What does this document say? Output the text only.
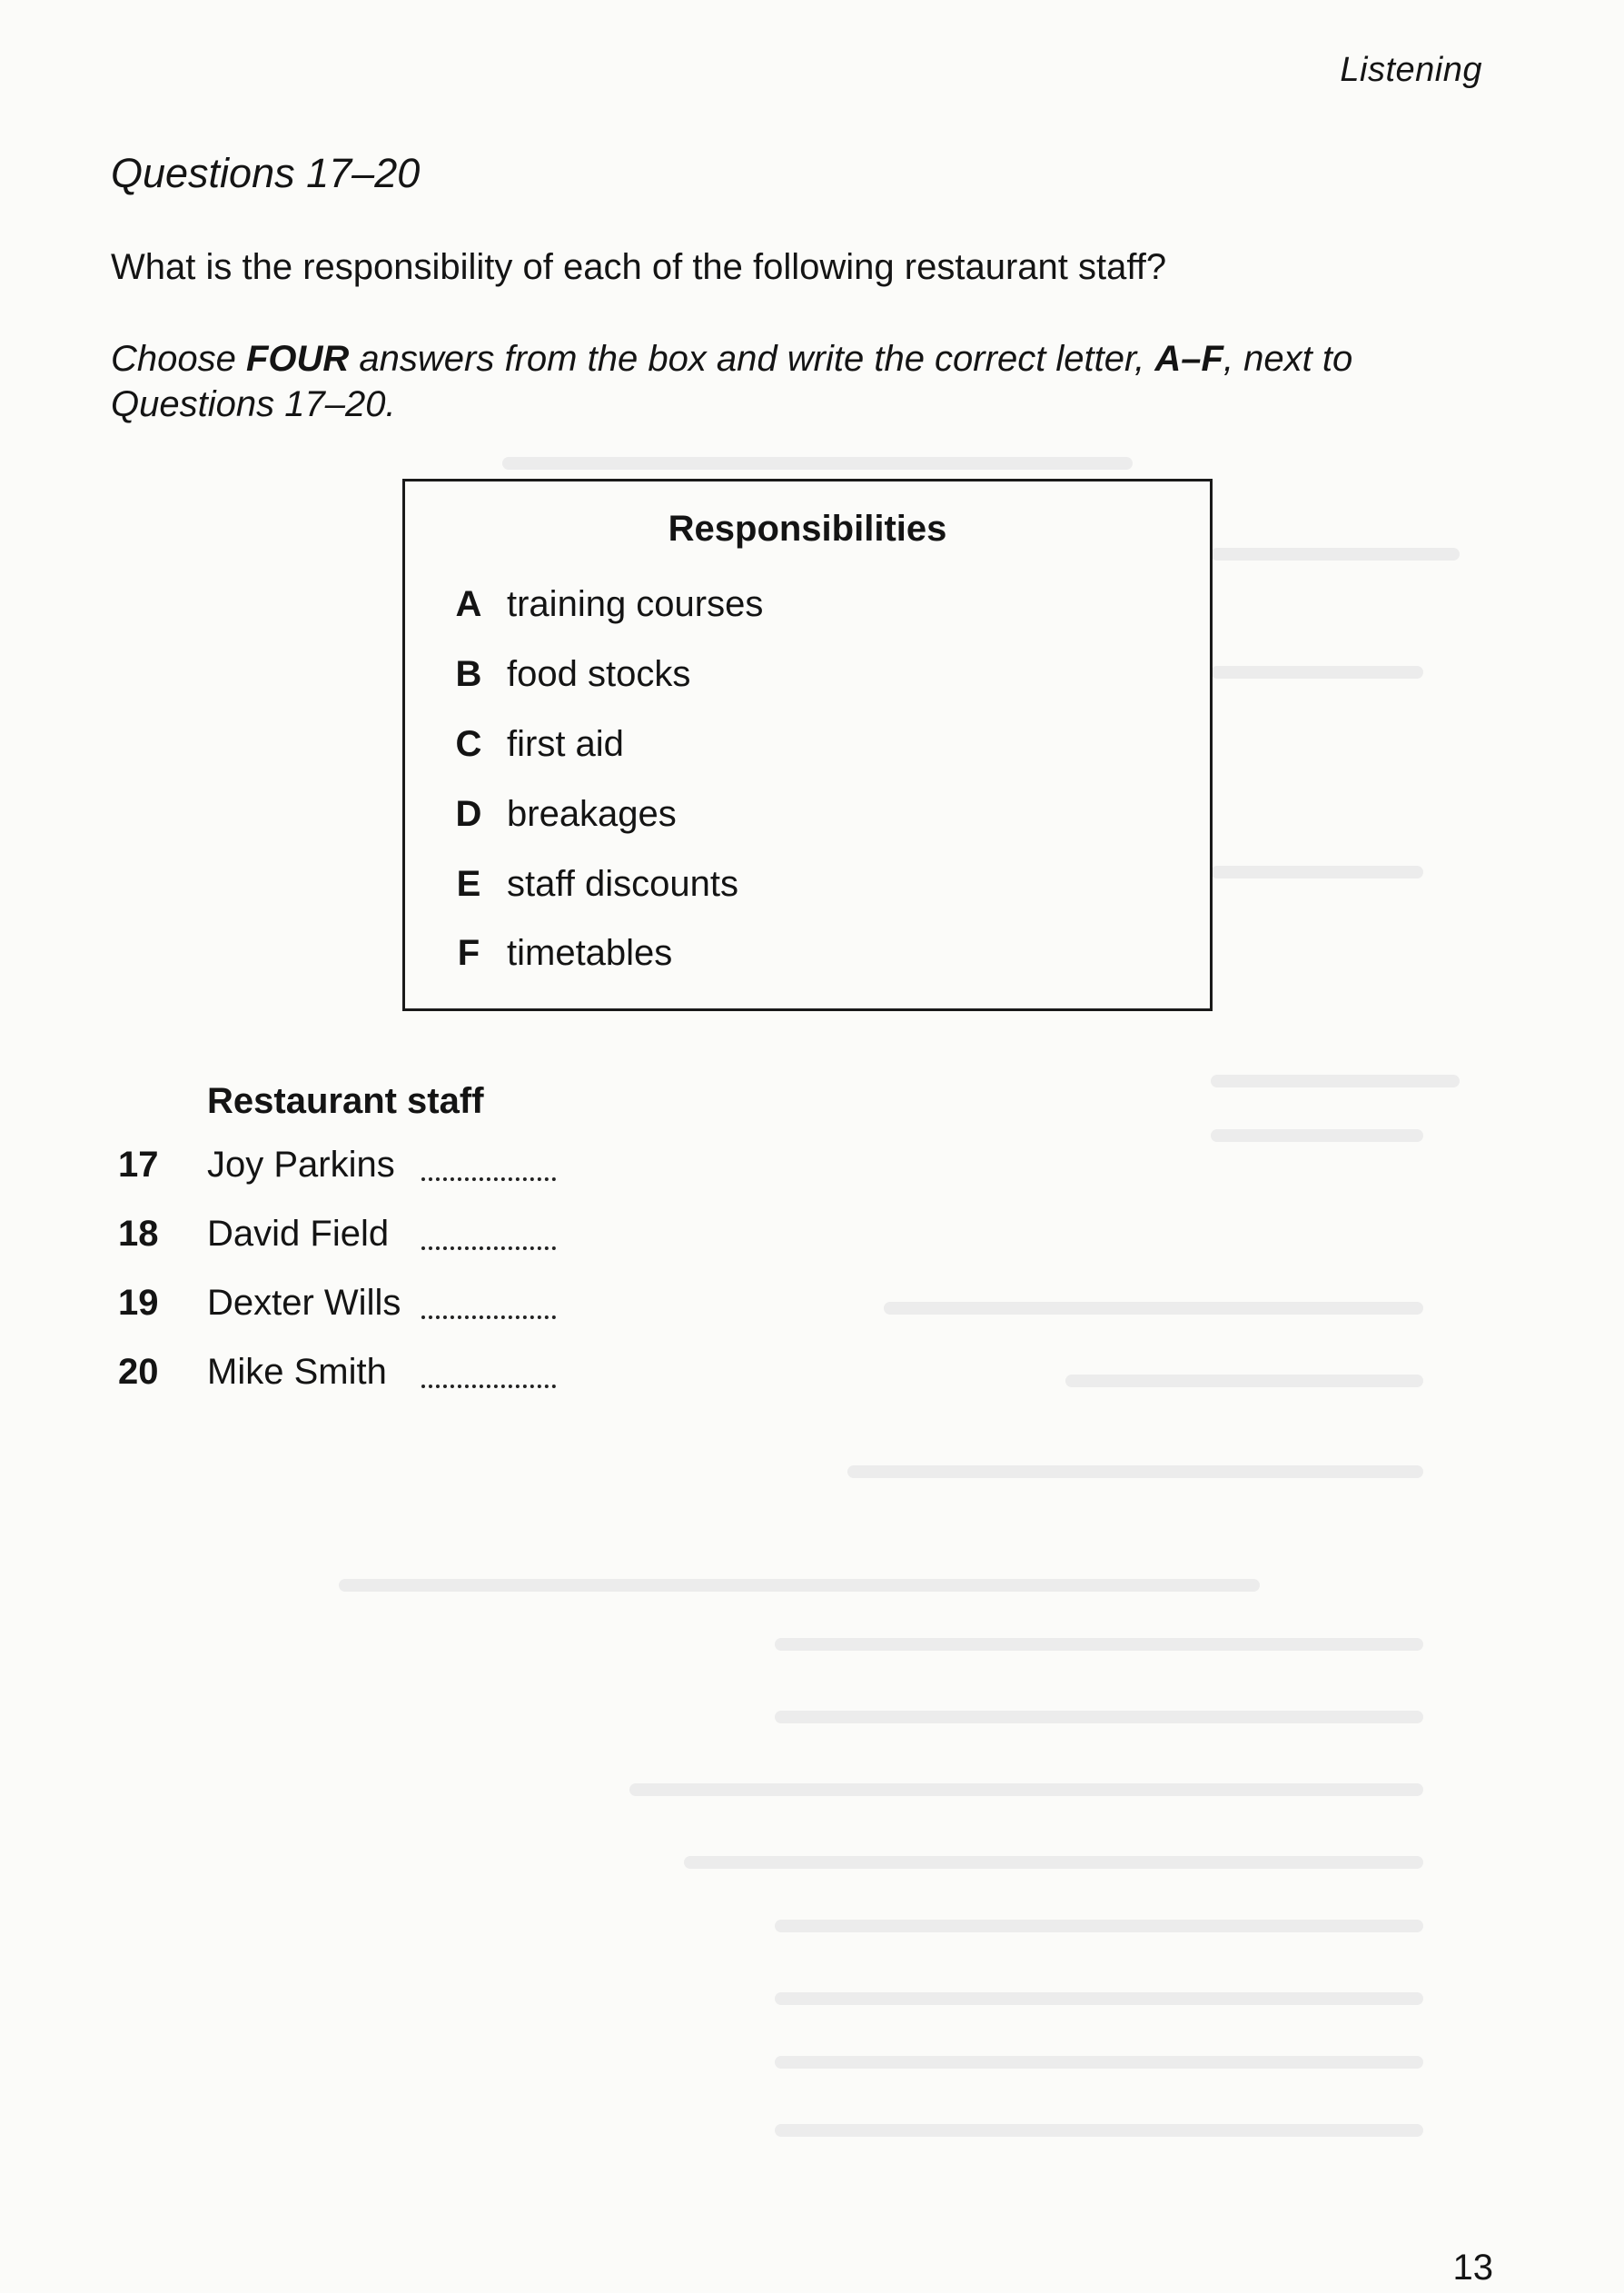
Listening
Questions 17–20
What is the responsibility of each of the following restaurant staff?
Choose FOUR answers from the box and write the correct letter, A–F, next to Questions 17–20.
Responsibilities
A training courses
B food stocks
C first aid
D breakages
E staff discounts
F timetables
Restaurant staff
17	Joy Parkins
18	David Field
19	Dexter Wills
20	Mike Smith
13
